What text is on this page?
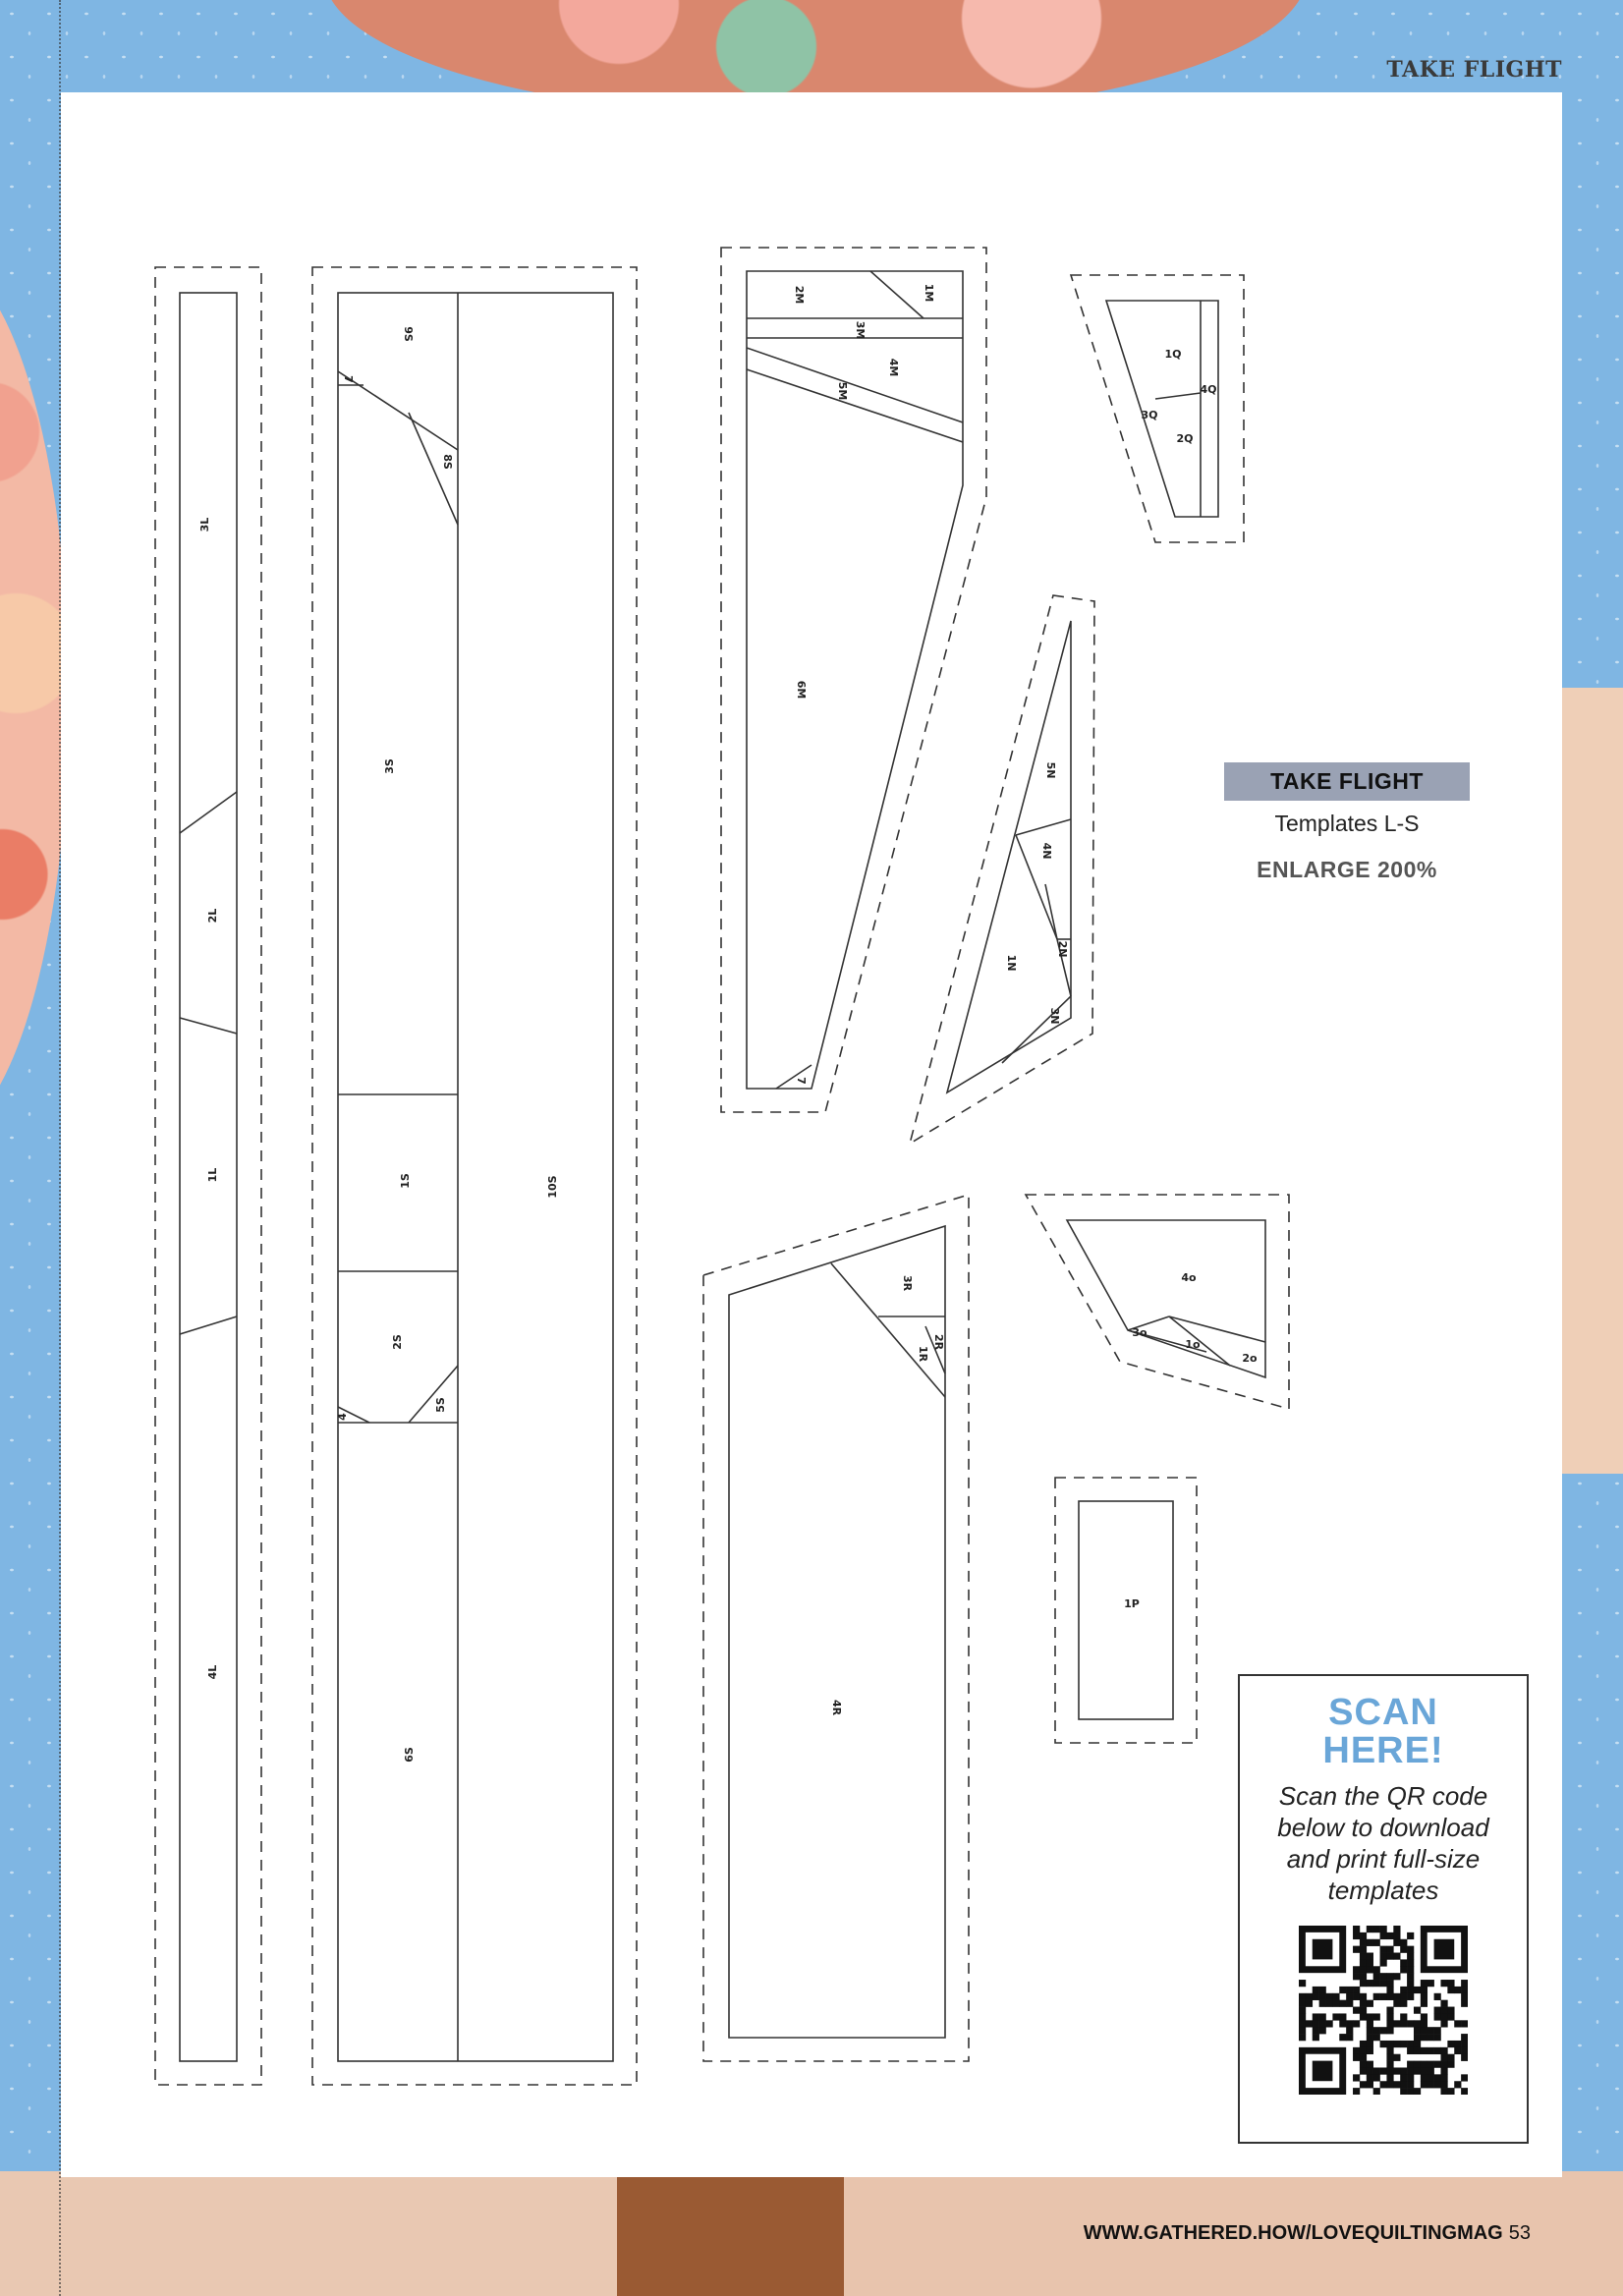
TAKE FLIGHT
3L
2L
1L
4L
9S
7
8S
3S
1S
2S
4
5S
6S
10S
2M	1M
3M
4M
5M
6M
7
1Q
4Q
3Q
2Q
5N
4N
1N
2N
3N
3R
1R
2R
4R
4o
3o
1o
2o
1P
TAKE FLIGHT
Templates L-S
ENLARGE 200%
SCAN
HERE!
Scan the QR code below to download and print full-size templates
WWW.GATHERED.HOW/LOVEQUILTINGMAG 53
